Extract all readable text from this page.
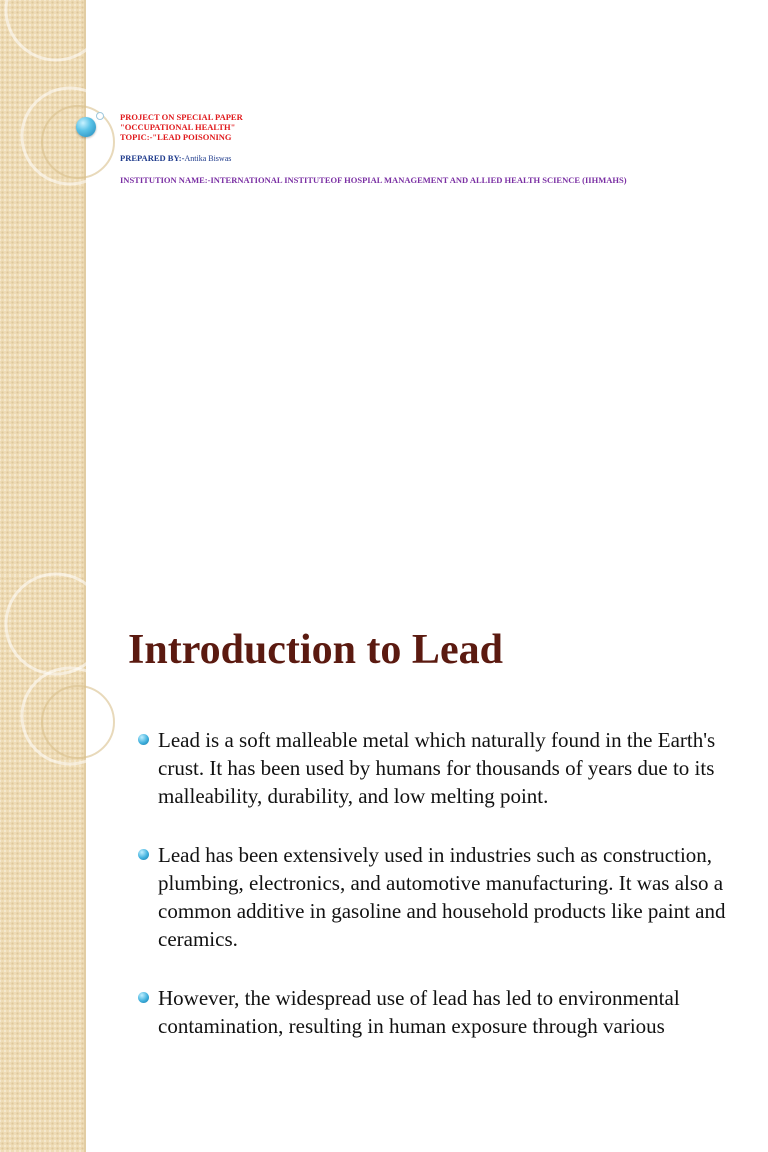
PROJECT ON SPECIAL PAPER
"OCCUPATIONAL HEALTH"
TOPIC:-"LEAD POISONING
PREPARED BY:-Antika Biswas
INSTITUTION NAME:-INTERNATIONAL INSTITUTEOF HOSPIAL MANAGEMENT AND ALLIED HEALTH SCIENCE (IIHMAHS)
Introduction to Lead
Lead is a soft malleable metal which naturally found in the Earth's crust. It has been used by humans for thousands of years due to its malleability, durability, and low melting point.
Lead has been extensively used in industries such as construction, plumbing, electronics, and automotive manufacturing. It was also a common additive in gasoline and household products like paint and ceramics.
However, the widespread use of lead has led to environmental contamination, resulting in human exposure through various
